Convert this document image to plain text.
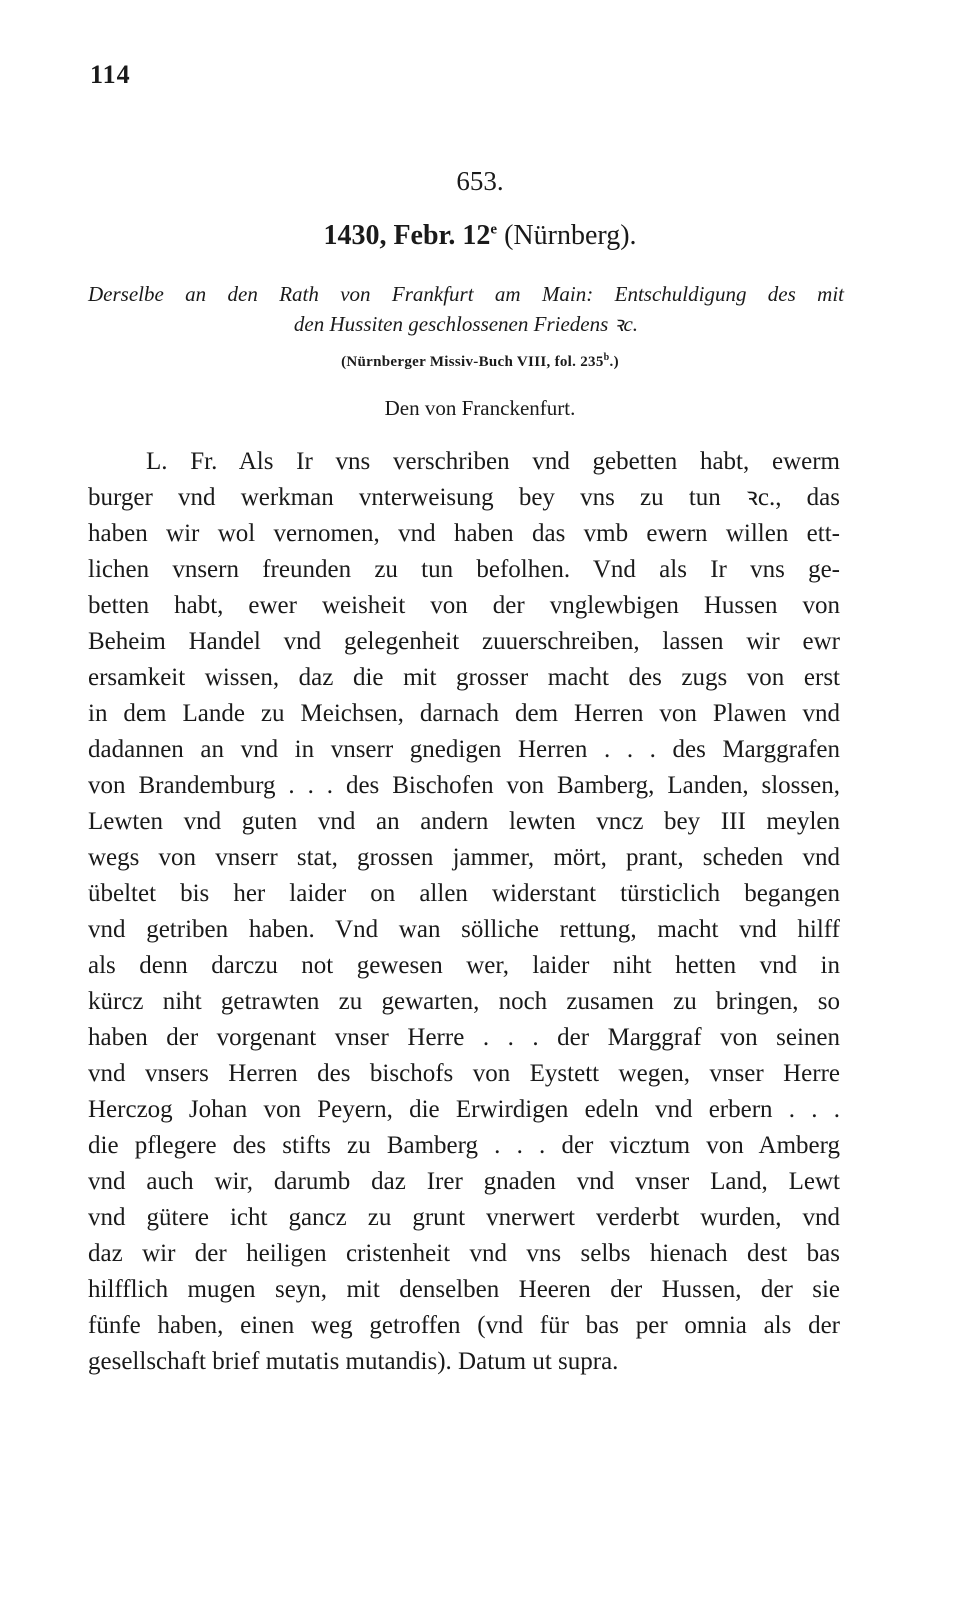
114
653.
1430, Febr. 12e (Nürnberg).
Derselbe an den Rath von Frankfurt am Main: Entschuldigung des mit
den Hussiten geschlossenen Friedens ꝛc.
(Nürnberger Missiv-Buch VIII, fol. 235$^b$.)
Den von Franckenfurt.
L. Fr. Als Ir vns verschriben vnd gebetten habt, ewerm
burger vnd werkman vnterweisung bey vns zu tun ꝛc., das
haben wir wol vernomen, vnd haben das vmb ewern willen ett-
lichen vnsern freunden zu tun befolhen. Vnd als Ir vns ge-
betten habt, ewer weisheit von der vnglewbigen Hussen von
Beheim Handel vnd gelegenheit zuuerschreiben, lassen wir ewr
ersamkeit wissen, daz die mit grosser macht des zugs von erst
in dem Lande zu Meichsen, darnach dem Herren von Plawen vnd
dadannen an vnd in vnserr gnedigen Herren . . . des Marggrafen
von Brandemburg . . . des Bischofen von Bamberg, Landen, slossen,
Lewten vnd guten vnd an andern lewten vncz bey III meylen
wegs von vnserr stat, grossen jammer, mört, prant, scheden vnd
übeltet bis her laider on allen widerstant türsticlich begangen
vnd getriben haben. Vnd wan sölliche rettung, macht vnd hilff
als denn darczu not gewesen wer, laider niht hetten vnd in
kürcz niht getrawten zu gewarten, noch zusamen zu bringen, so
haben der vorgenant vnser Herre . . . der Marggraf von seinen
vnd vnsers Herren des bischofs von Eystett wegen, vnser Herre
Herczog Johan von Peyern, die Erwirdigen edeln vnd erbern . . .
die pflegere des stifts zu Bamberg . . . der vicztum von Amberg
vnd auch wir, darumb daz Irer gnaden vnd vnser Land, Lewt
vnd gütere icht gancz zu grunt vnerwert verderbt wurden, vnd
daz wir der heiligen cristenheit vnd vns selbs hienach dest bas
hilfflich mugen seyn, mit denselben Heeren der Hussen, der sie
fünfe haben, einen weg getroffen (vnd für bas per omnia als der
gesellschaft brief mutatis mutandis). Datum ut supra.
